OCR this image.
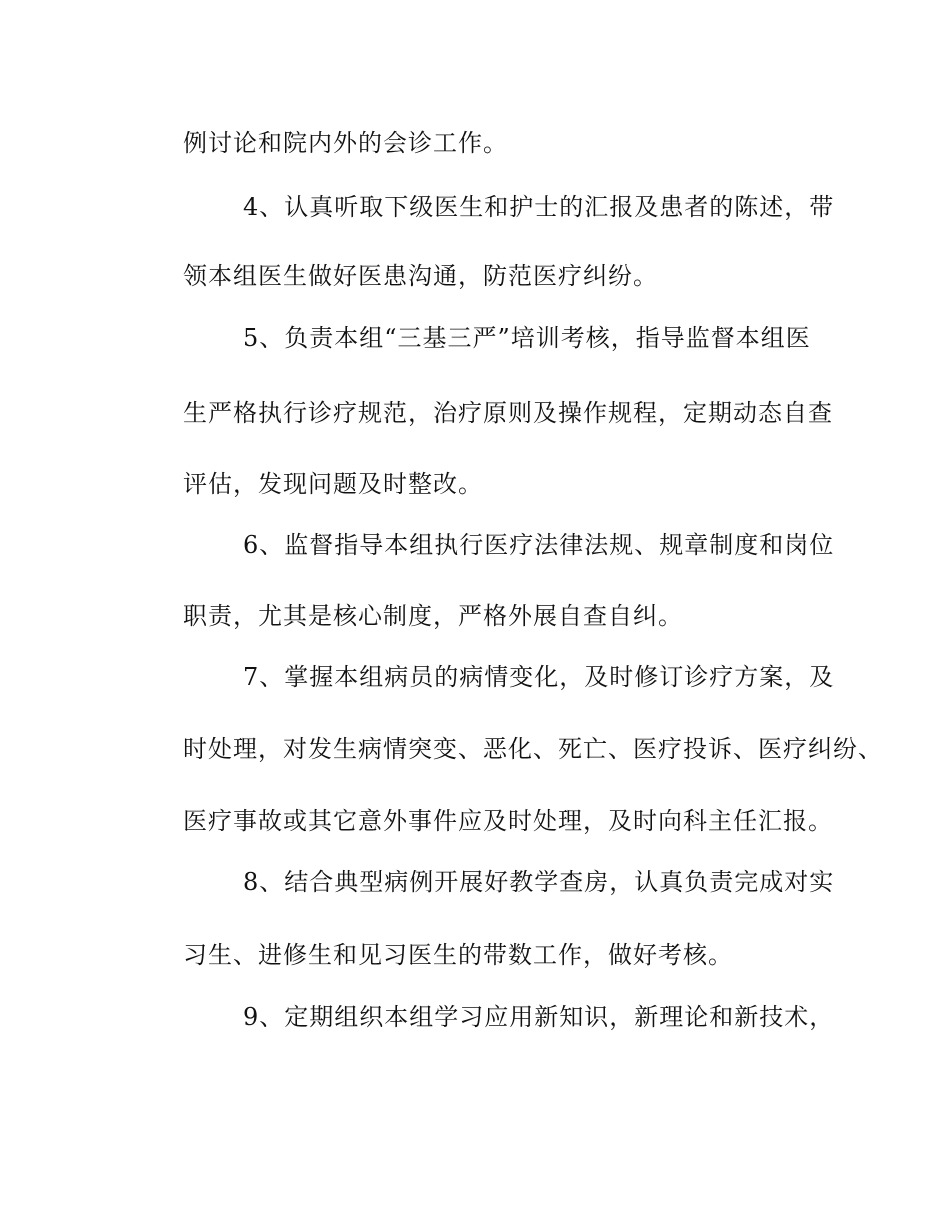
例讨论和院内外的会诊工作。
4、认真听取下级医生和护士的汇报及患者的陈述，带
领本组医生做好医患沟通，防范医疗纠纷。
5、负责本组“三基三严”培训考核，指导监督本组医
生严格执行诊疗规范，治疗原则及操作规程，定期动态自查
评估，发现问题及时整改。
6、监督指导本组执行医疗法律法规、规章制度和岗位
职责，尤其是核心制度，严格外展自查自纠。
7、掌握本组病员的病情变化，及时修订诊疗方案，及
时处理，对发生病情突变、恶化、死亡、医疗投诉、医疗纠纷、
医疗事故或其它意外事件应及时处理，及时向科主任汇报。
8、结合典型病例开展好教学查房，认真负责完成对实
习生、进修生和见习医生的带数工作，做好考核。
9、定期组织本组学习应用新知识，新理论和新技术，
